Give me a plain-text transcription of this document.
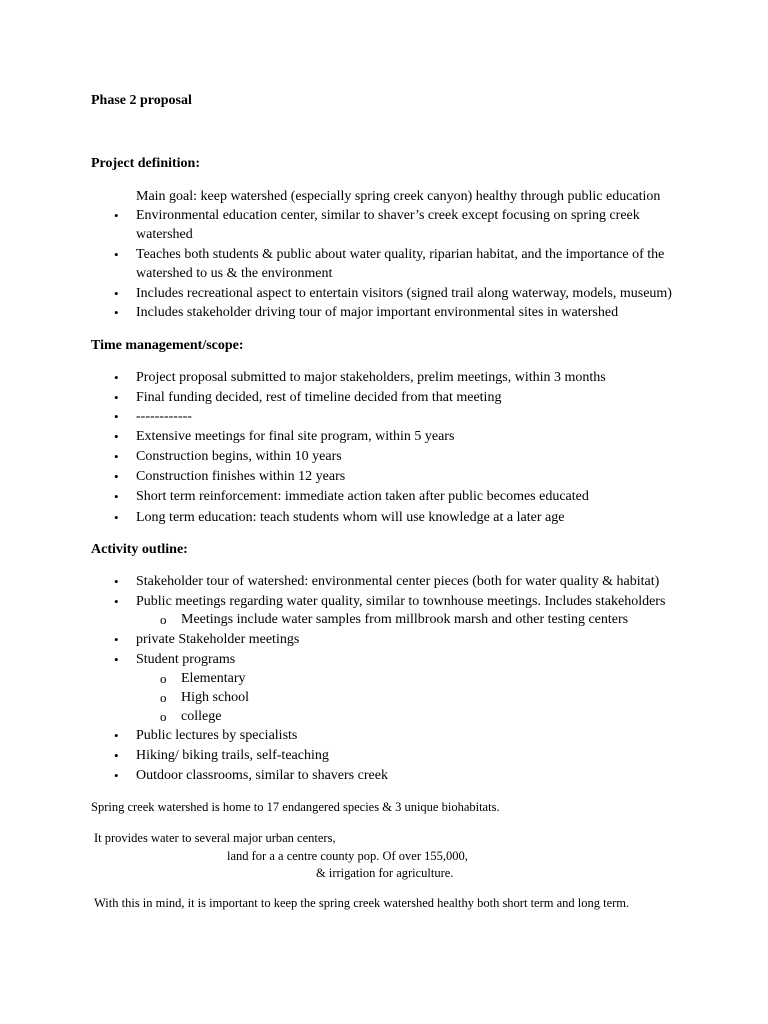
Phase 2 proposal
Project definition:
Main goal: keep watershed (especially spring creek canyon) healthy through public education
• Environmental education center, similar to shaver’s creek except focusing on spring creek
watershed
• Teaches both students & public about water quality, riparian habitat, and the importance of the
watershed to us & the environment
• Includes recreational aspect to entertain visitors (signed trail along waterway, models, museum)
• Includes stakeholder driving tour of major important environmental sites in watershed
Time management/scope:
• Project proposal submitted to major stakeholders, prelim meetings, within 3 months
• Final funding decided, rest of timeline decided from that meeting
• ------------
• Extensive meetings for final site program, within 5 years
• Construction begins, within 10 years
• Construction finishes within 12 years
• Short term reinforcement: immediate action taken after public becomes educated
• Long term education: teach students whom will use knowledge at a later age
Activity outline:
• Stakeholder tour of watershed: environmental center pieces (both for water quality & habitat)
• Public meetings regarding water quality, similar to townhouse meetings. Includes stakeholders
o Meetings include water samples from millbrook marsh and other testing centers
• private Stakeholder meetings
• Student programs
o Elementary
o High school
o college
• Public lectures by specialists
• Hiking/ biking trails, self-teaching
• Outdoor classrooms, similar to shavers creek
Spring creek watershed is home to 17 endangered species & 3 unique biohabitats.
It provides water to several major urban centers,
land for a a centre county pop. Of over 155,000,
& irrigation for agriculture.
With this in mind, it is important to keep the spring creek watershed healthy both short term and long term.
